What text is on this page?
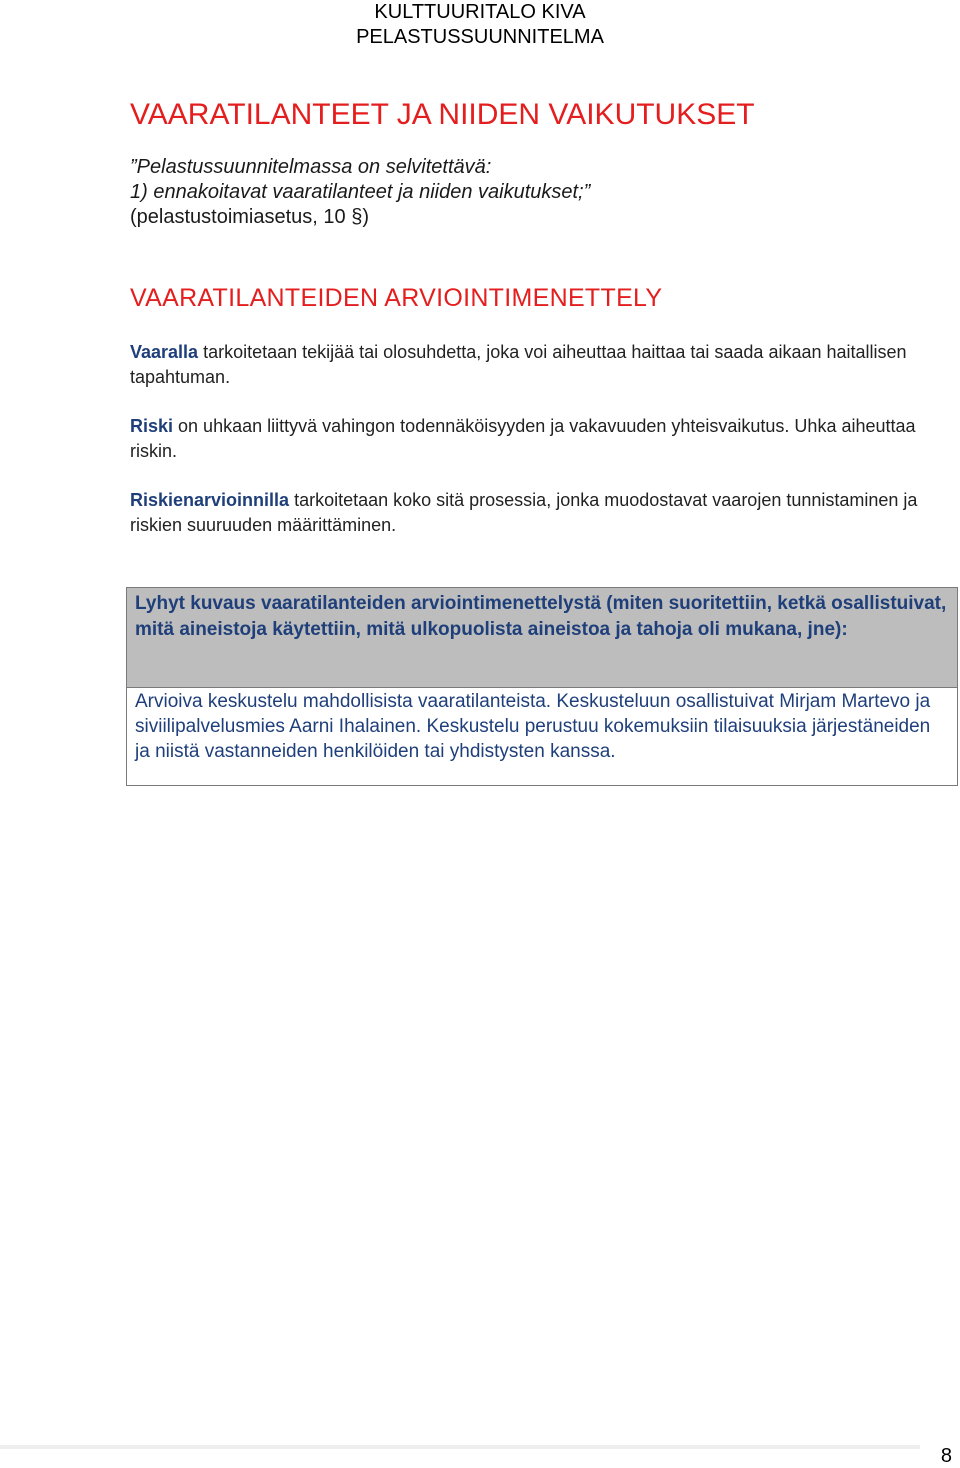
KULTTUURITALO KIVA
PELASTUSSUUNNITELMA
VAARATILANTEET JA NIIDEN VAIKUTUKSET
”Pelastussuunnitelmassa on selvitettävä:
1) ennakoitavat vaaratilanteet ja niiden vaikutukset;”
(pelastustoimiasetus, 10 §)
VAARATILANTEIDEN ARVIOINTIMENETTELY

Vaaralla tarkoitetaan tekijää tai olosuhdetta, joka voi aiheuttaa haittaa tai saada aikaan haitallisen tapahtuman.

Riski on uhkaan liittyvä vahingon todennäköisyyden ja vakavuuden yhteisvaikutus. Uhka aiheuttaa riskin.

Riskienarvioinnilla tarkoitetaan koko sitä prosessia, jonka muodostavat vaarojen tunnistaminen ja riskien suuruuden määrittäminen.

Lyhyt kuvaus vaaratilanteiden arviointimenettelystä (miten suoritettiin, ketkä osallistuivat, mitä aineistoja käytettiin, mitä ulkopuolista aineistoa ja tahoja oli mukana, jne):
Arvioiva keskustelu mahdollisista vaaratilanteista. Keskusteluun osallistuivat Mirjam Martevo ja siviilipalvelusmies Aarni Ihalainen. Keskustelu perustuu kokemuksiin tilaisuuksia järjestäneiden ja niistä vastanneiden henkilöiden tai yhdistysten kanssa.
8
